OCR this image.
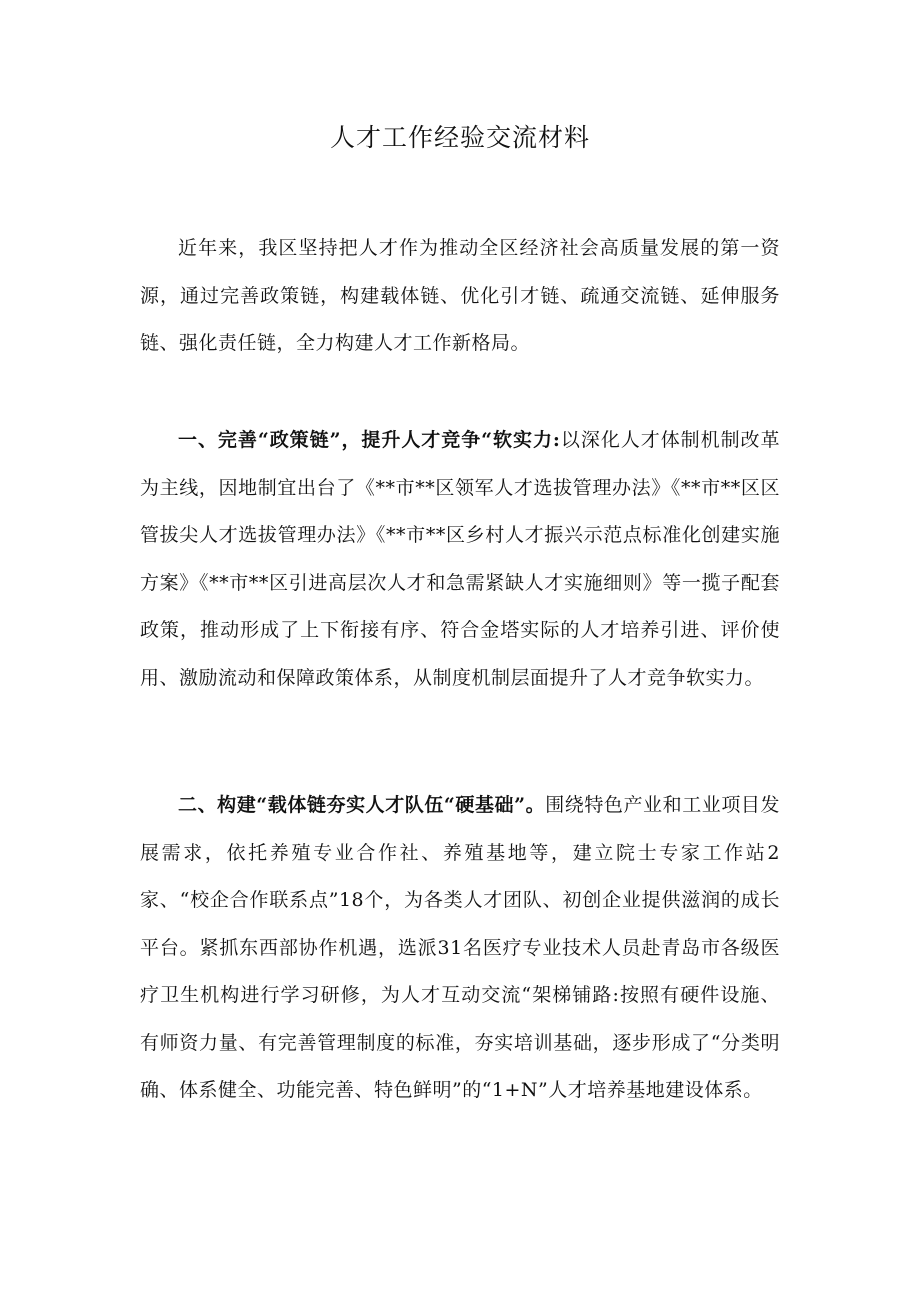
人才工作经验交流材料

近年来，我区坚持把人才作为推动全区经济社会高质量发展的第一资源，通过完善政策链，构建载体链、优化引才链、疏通交流链、延伸服务链、强化责任链，全力构建人才工作新格局。

一、完善“政策链”，提升人才竞争“软实力:以深化人才体制机制改革为主线，因地制宜出台了《**市**区领军人才选拔管理办法》《**市**区区管拔尖人才选拔管理办法》《**市**区乡村人才振兴示范点标准化创建实施方案》《**市**区引进高层次人才和急需紧缺人才实施细则》等一揽子配套政策，推动形成了上下衔接有序、符合金塔实际的人才培养引进、评价使用、激励流动和保障政策体系，从制度机制层面提升了人才竞争软实力。

二、构建“载体链夯实人才队伍“硬基础”。围绕特色产业和工业项目发展需求，依托养殖专业合作社、养殖基地等，建立院士专家工作站2家、“校企合作联系点”18个，为各类人才团队、初创企业提供滋润的成长平台。紧抓东西部协作机遇，选派31名医疗专业技术人员赴青岛市各级医疗卫生机构进行学习研修，为人才互动交流“架梯铺路:按照有硬件设施、有师资力量、有完善管理制度的标准，夯实培训基础，逐步形成了“分类明确、体系健全、功能完善、特色鲜明”的“1+N”人才培养基地建设体系。
